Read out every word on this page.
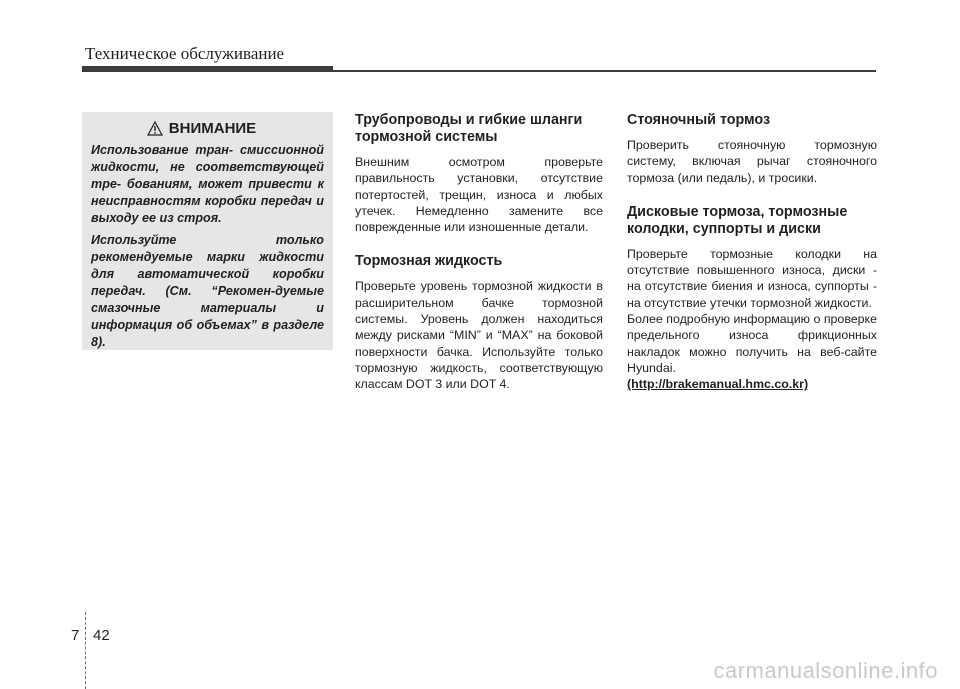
Техническое обслуживание
ВНИМАНИЕ

Использование тран- смиссионной жидкости, не соответствующей тре- бованиям, может привести к неисправностям коробки передач и выходу ее из строя.

Используйте только рекомендуемые марки жидкости для автоматической коробки передач. (См. “Рекомен-дуемые смазочные материалы и информация об объемах” в разделе 8).

Трубопроводы и гибкие шланги тормозной системы

Внешним осмотром проверьте правильность установки, отсутствие потертостей, трещин, износа и любых утечек. Немедленно замените все поврежденные или изношенные детали.

Тормозная жидкость

Проверьте уровень тормозной жидкости в расширительном бачке тормозной системы. Уровень должен находиться между рисками “MIN” и “MAX” на боковой поверхности бачка. Используйте только тормозную жидкость, соответствующую классам DOT 3 или DOT 4.

Стояночный тормоз

Проверить стояночную тормозную систему, включая рычаг стояночного тормоза (или педаль), и тросики.

Дисковые тормоза, тормозные колодки, суппорты и диски

Проверьте тормозные колодки на отсутствие повышенного износа, диски - на отсутствие биения и износа, суппорты - на отсутствие утечки тормозной жидкости.

Более подробную информацию о проверке предельного износа фрикционных накладок можно получить на веб-сайте Hyundai.

(http://brakemanual.hmc.co.kr)
7 42
carmanualsonline.info
